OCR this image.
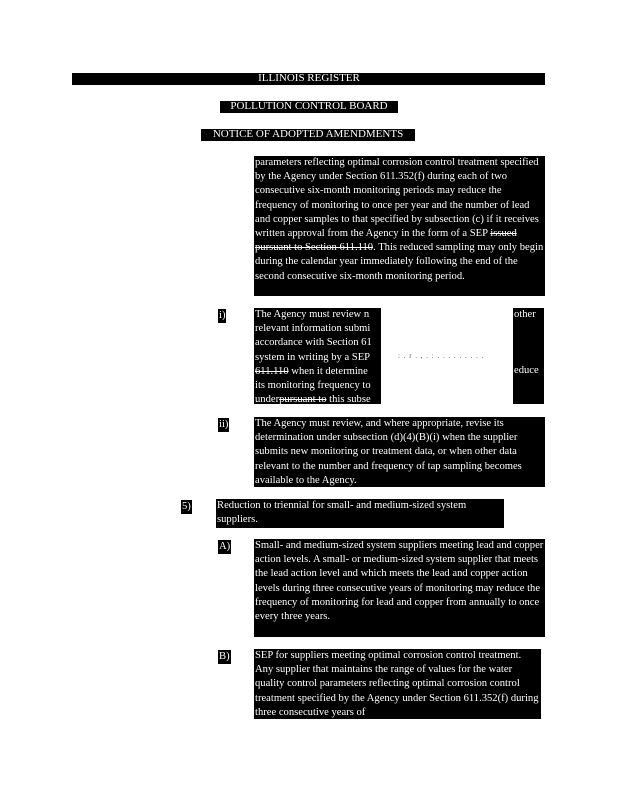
ILLINOIS REGISTER
POLLUTION CONTROL BOARD
NOTICE OF ADOPTED AMENDMENTS

parameters reflecting optimal corrosion control treatment specified by the Agency under Section 611.352(f) during each of two consecutive six-month monitoring periods may reduce the frequency of monitoring to once per year and the number of lead and copper samples to that specified by subsection (c) if it receives written approval from the Agency in the form of a SEP issued pursuant to Section 611.110. This reduced sampling may only begin during the calendar year immediately following the end of the second consecutive six-month monitoring period.

i)	The Agency must review n
relevant information submi
accordance with Section 61
system in writing by a SEP
611.110 when it determine
its monitoring frequency to
underpursuant to this subse

other
educe
: . r . , . : . . . . . . . . .
ii)	The Agency must review, and where appropriate, revise its determination under subsection (d)(4)(B)(i) when the supplier submits new monitoring or treatment data, or when other data relevant to the number and frequency of tap sampling becomes available to the Agency.
5) Reduction to triennial for small- and medium-sized system suppliers.
A) Small- and medium-sized system suppliers meeting lead and copper action levels. A small- or medium-sized system supplier that meets the lead action level and which meets the lead and copper action levels during three consecutive years of monitoring may reduce the frequency of monitoring for lead and copper from annually to once every three years.
B) SEP for suppliers meeting optimal corrosion control treatment. Any supplier that maintains the range of values for the water quality control parameters reflecting optimal corrosion control treatment specified by the Agency under Section 611.352(f) during three consecutive years of
